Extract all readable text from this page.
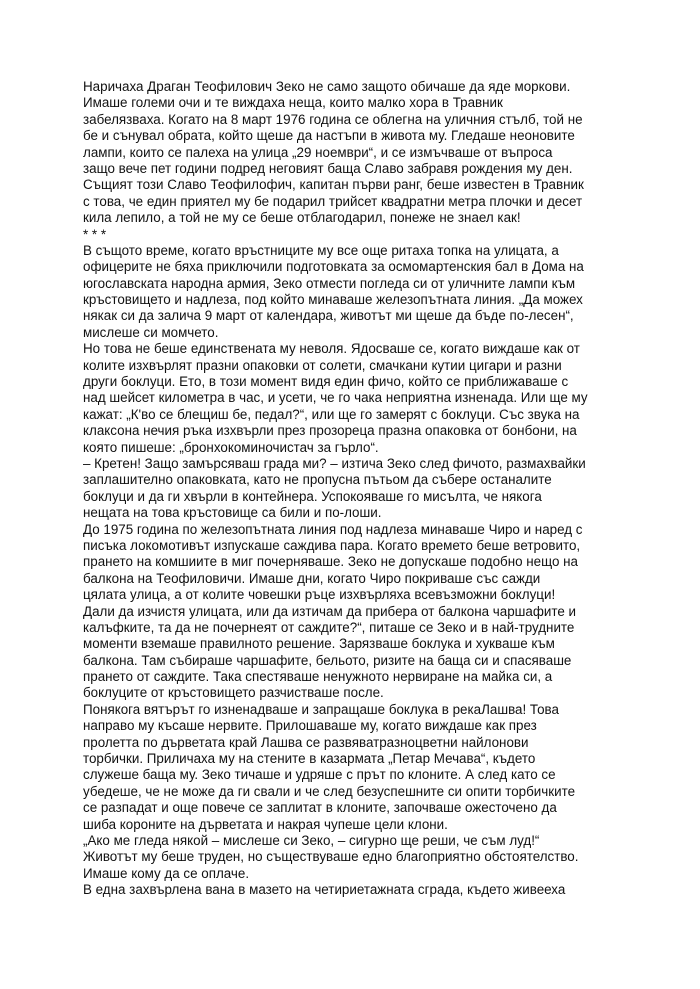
Наричаха Драган Теофилович Зеко не само защото обичаше да яде моркови.
Имаше големи очи и те виждаха неща, които малко хора в Травник
забелязваха. Когато на 8 март 1976 година се облегна на уличния стълб, той не
бе и сънувал обрата, който щеше да настъпи в живота му. Гледаше неоновите
лампи, които се палеха на улица „29 ноември“, и се измъчваше от въпроса
защо вече пет години подред неговият баща Славо забравя рождения му ден.
Същият този Славо Теофилофич, капитан първи ранг, беше известен в Травник
с това, че един приятел му бе подарил трийсет квадратни метра плочки и десет
кила лепило, а той не му се беше отблагодарил, понеже не знаел как!
* * *
В същото време, когато връстниците му все още ритаха топка на улицата, а
офицерите не бяха приключили подготовката за осмомартенския бал в Дома на
югославската народна армия, Зеко отмести погледа си от уличните лампи към
кръстовището и надлеза, под който минаваше железопътната линия. „Да можех
някак си да залича 9 март от календара, животът ми щеше да бъде по-лесен“,
мислеше си момчето.
Но това не беше единствената му неволя. Ядосваше се, когато виждаше как от
колите изхвърлят празни опаковки от солети, смачкани кутии цигари и разни
други боклуци. Ето, в този момент видя един фичо, който се приближаваше с
над шейсет километра в час, и усети, че го чака неприятна изненада. Или ще му
кажат: „К'во се блещиш бе, педал?“, или ще го замерят с боклуци. Със звука на
клаксона нечия ръка изхвърли през прозореца празна опаковка от бонбони, на
която пишеше: „бронхокоминочистач за гърло“.
– Кретен! Защо замърсяваш града ми? – изтича Зеко след фичото, размахвайки
заплашително опаковката, като не пропусна пътьом да събере останалите
боклуци и да ги хвърли в контейнера. Успокояваше го мисълта, че някога
нещата на това кръстовище са били и по-лоши.
До 1975 година по железопътната линия под надлеза минаваше Чиро и наред с
писъка локомотивът изпускаше саждива пара. Когато времето беше ветровито,
прането на комшиите в миг почерняваше. Зеко не допускаше подобно нещо на
балкона на Теофиловичи. Имаше дни, когато Чиро покриваше със сажди
цялата улица, а от колите човешки ръце изхвърляха всевъзможни боклуци!
Дали да изчистя улицата, или да изтичам да прибера от балкона чаршафите и
калъфките, та да не почернеят от саждите?“, питаше се Зеко и в най-трудните
моменти вземаше правилното решение. Зарязваше боклука и хукваше към
балкона. Там събираше чаршафите, бельото, ризите на баща си и спасяваше
прането от саждите. Така спестяваше ненужното нервиране на майка си, а
боклуците от кръстовището разчистваше после.
Понякога вятърът го изненадваше и запращаше боклука в рекаЛашва! Това
направо му късаше нервите. Прилошаваше му, когато виждаше как през
пролетта по дърветата край Лашва се развяватразноцветни найлонови
торбички. Приличаха му на стените в казармата „Петар Мечава“, където
служеше баща му. Зеко тичаше и удряше с прът по клоните. А след като се
убедеше, че не може да ги свали и че след безуспешните си опити торбичките
се разпадат и още повече се заплитат в клоните, започваше ожесточено да
шиба короните на дърветата и накрая чупеше цели клони.
„Ако ме гледа някой – мислеше си Зеко, – сигурно ще реши, че съм луд!“
Животът му беше труден, но съществуваше едно благоприятно обстоятелство.
Имаше кому да се оплаче.
В една захвърлена вана в мазето на четириетажната сграда, където живееха
